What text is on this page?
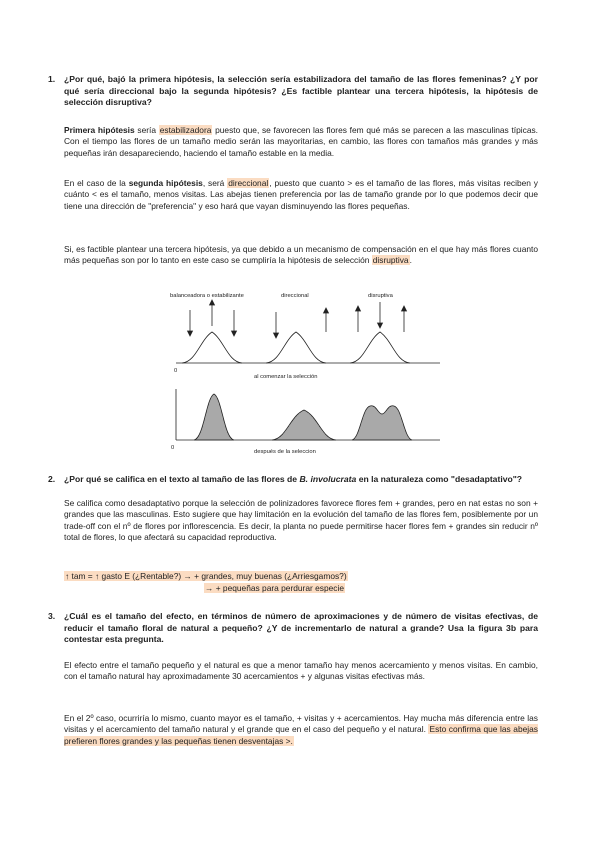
1.	¿Por qué, bajó la primera hipótesis, la selección sería estabilizadora del tamaño de las flores femeninas? ¿Y por qué sería direccional bajo la segunda hipótesis? ¿Es factible plantear una tercera hipótesis, la hipótesis de selección disruptiva?
Primera hipótesis sería estabilizadora puesto que, se favorecen las flores fem qué más se parecen a las masculinas típicas. Con el tiempo las flores de un tamaño medio serán las mayoritarias, en cambio, las flores con tamaños más grandes y más pequeñas irán desapareciendo, haciendo el tamaño estable en la media.
En el caso de la segunda hipótesis, será direccional, puesto que cuanto > es el tamaño de las flores, más visitas reciben y cuánto < es el tamaño, menos visitas. Las abejas tienen preferencia por las de tamaño grande por lo que podemos decir que tiene una dirección de "preferencia" y eso hará que vayan disminuyendo las flores pequeñas.
Si, es factible plantear una tercera hipótesis, ya que debido a un mecanismo de compensación en el que hay más flores cuanto más pequeñas son por lo tanto en este caso se cumpliría la hipótesis de selección disruptiva.
balanceadora o estabilizante	direccional	disruptiva
0
al comenzar la selección
0
después de la seleccion
2.	¿Por qué se califica en el texto al tamaño de las flores de B. involucrata en la naturaleza como "desadaptativo"?
Se califica como desadaptativo porque la selección de polinizadores favorece flores fem + grandes, pero en nat estas no son + grandes que las masculinas. Esto sugiere que hay limitación en la evolución del tamaño de las flores fem, posiblemente por un trade-off con el nº de flores por inflorescencia. Es decir, la planta no puede permitirse hacer flores fem + grandes sin reducir nº total de flores, lo que afectará su capacidad reproductiva.
↑ tam = ↑ gasto E (¿Rentable?) → + grandes, muy buenas (¿Arriesgamos?)
→ + pequeñas para perdurar especie
3.	¿Cuál es el tamaño del efecto, en términos de número de aproximaciones y de número de visitas efectivas, de reducir el tamaño floral de natural a pequeño? ¿Y de incrementarlo de natural a grande? Usa la figura 3b para contestar esta pregunta.
El efecto entre el tamaño pequeño y el natural es que a menor tamaño hay menos acercamiento y menos visitas. En cambio, con el tamaño natural hay aproximadamente 30 acercamientos + y algunas visitas efectivas más.
En el 2º caso, ocurriría lo mismo, cuanto mayor es el tamaño, + visitas y + acercamientos. Hay mucha más diferencia entre las visitas y el acercamiento del tamaño natural y el grande que en el caso del pequeño y el natural. Esto confirma que las abejas prefieren flores grandes y las pequeñas tienen desventajas >.
